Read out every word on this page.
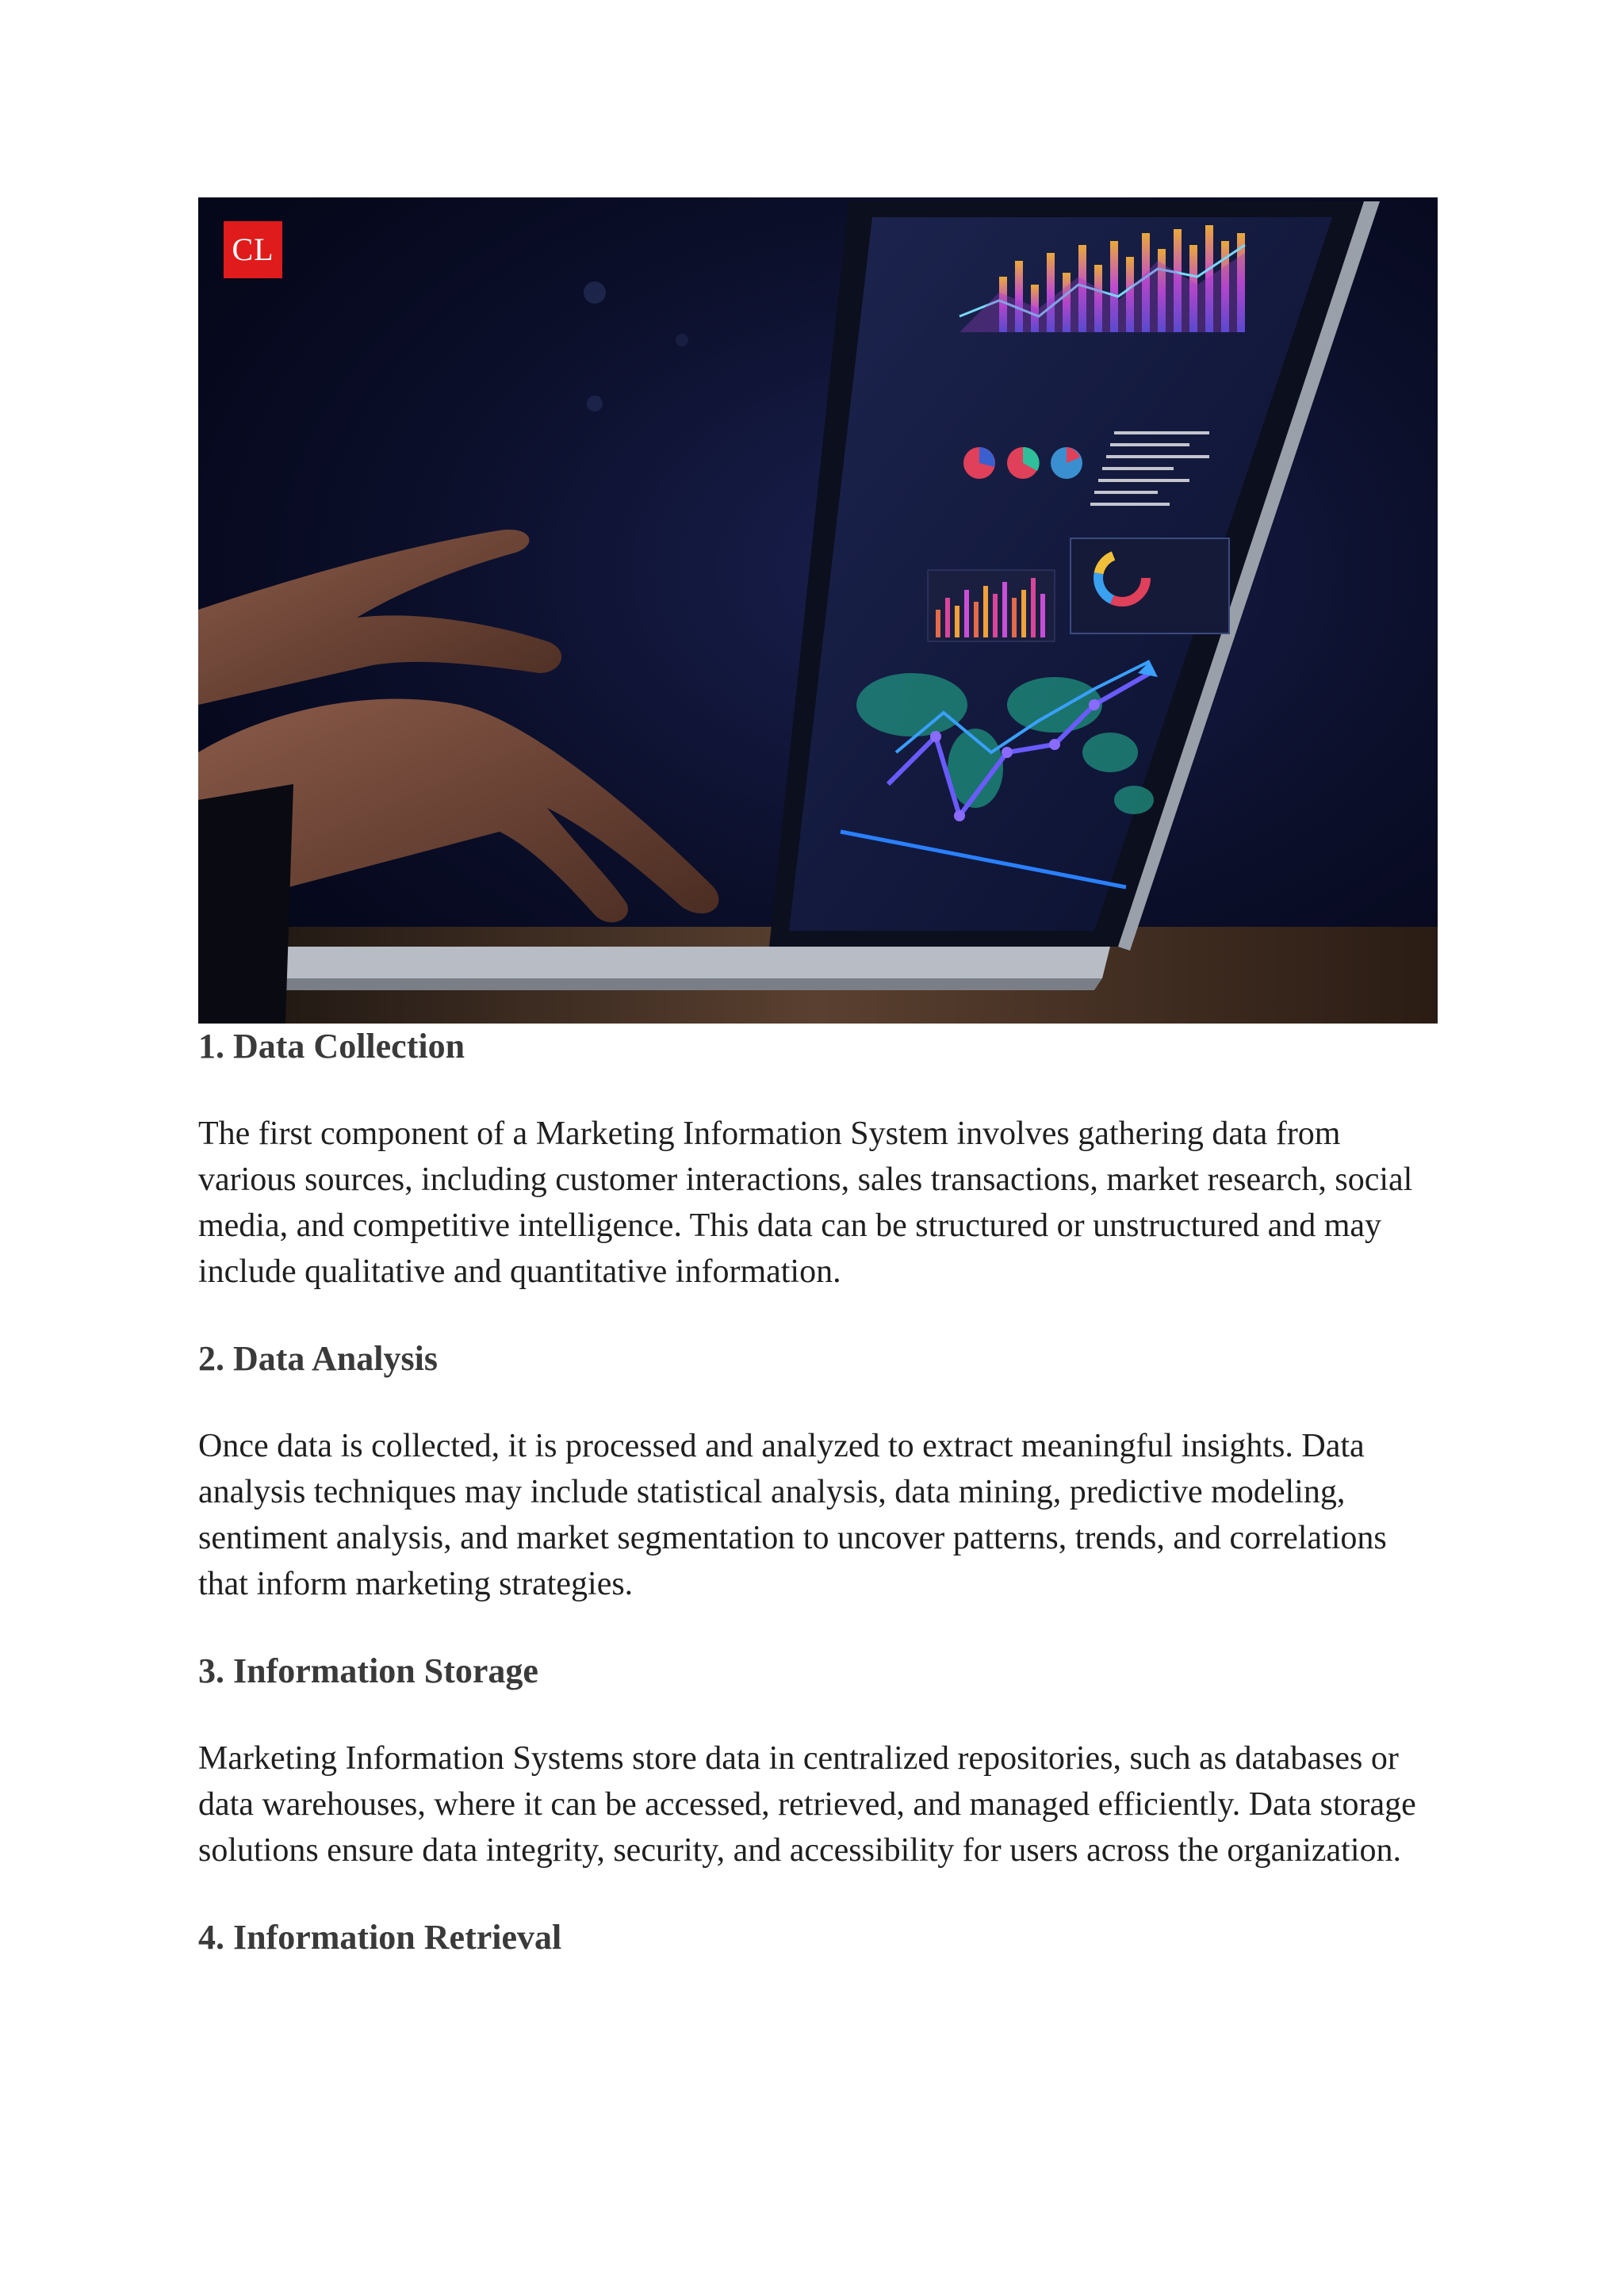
CL
1. Data Collection

The first component of a Marketing Information System involves gathering data from various sources, including customer interactions, sales transactions, market research, social media, and competitive intelligence. This data can be structured or unstructured and may include qualitative and quantitative information.

2. Data Analysis

Once data is collected, it is processed and analyzed to extract meaningful insights. Data analysis techniques may include statistical analysis, data mining, predictive modeling, sentiment analysis, and market segmentation to uncover patterns, trends, and correlations that inform marketing strategies.

3. Information Storage

Marketing Information Systems store data in centralized repositories, such as databases or data warehouses, where it can be accessed, retrieved, and managed efficiently. Data storage solutions ensure data integrity, security, and accessibility for users across the organization.

4. Information Retrieval
